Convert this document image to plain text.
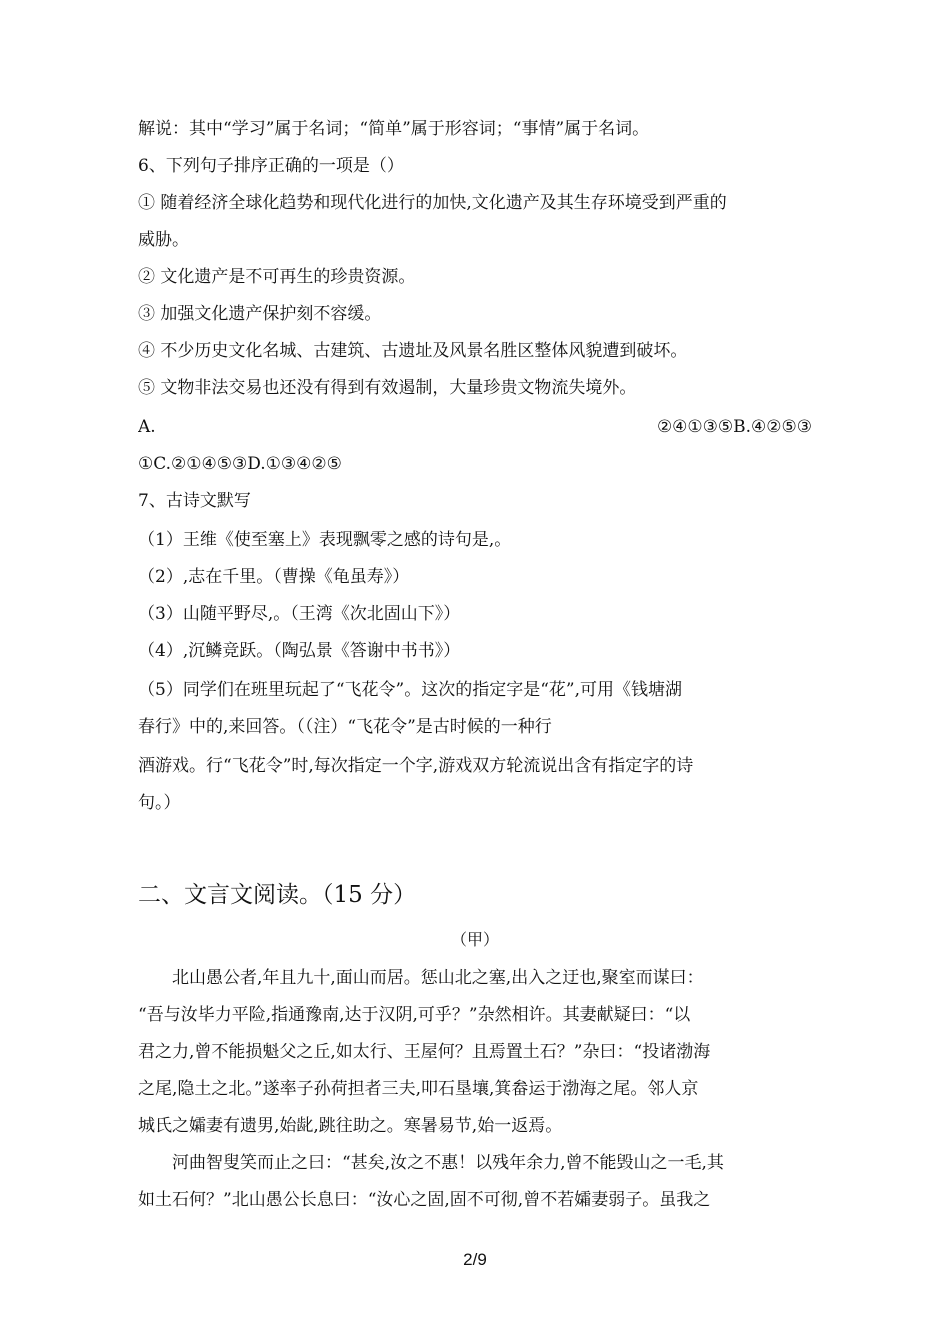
解说：其中“学习”属于名词；“简单”属于形容词；“事情”属于名词。
6、下列句子排序正确的一项是（）
① 随着经济全球化趋势和现代化进行的加快,文化遗产及其生存环境受到严重的
威胁。
② 文化遗产是不可再生的珍贵资源。
③ 加强文化遗产保护刻不容缓。
④ 不少历史文化名城、古建筑、古遗址及风景名胜区整体风貌遭到破坏。
⑤ 文物非法交易也还没有得到有效遏制，大量珍贵文物流失境外。
A.	②④①③⑤B.④②⑤③
①C.②①④⑤③D.①③④②⑤
7、古诗文默写
（1）王维《使至塞上》表现飘零之感的诗句是,。
（2）,志在千里。（曹操《龟虽寿》）
（3）山随平野尽,。（王湾《次北固山下》）
（4）,沉鳞竞跃。（陶弘景《答谢中书书》）
（5）同学们在班里玩起了“飞花令”。这次的指定字是“花”,可用《钱塘湖
春行》中的,来回答。（（注）“飞花令”是古时候的一种行
酒游戏。行“飞花令”时,每次指定一个字,游戏双方轮流说出含有指定字的诗
句。）
二、文言文阅读。（15 分）
（甲）
北山愚公者,年且九十,面山而居。惩山北之塞,出入之迂也,聚室而谋曰：
“吾与汝毕力平险,指通豫南,达于汉阴,可乎？”杂然相许。其妻献疑曰：“以
君之力,曾不能损魁父之丘,如太行、王屋何？且焉置土石？”杂曰：“投诸渤海
之尾,隐土之北。”遂率子孙荷担者三夫,叩石垦壤,箕畚运于渤海之尾。邻人京
城氏之孀妻有遗男,始龀,跳往助之。寒暑易节,始一返焉。
河曲智叟笑而止之曰：“甚矣,汝之不惠！以残年余力,曾不能毁山之一毛,其
如土石何？”北山愚公长息曰：“汝心之固,固不可彻,曾不若孀妻弱子。虽我之
2/9
